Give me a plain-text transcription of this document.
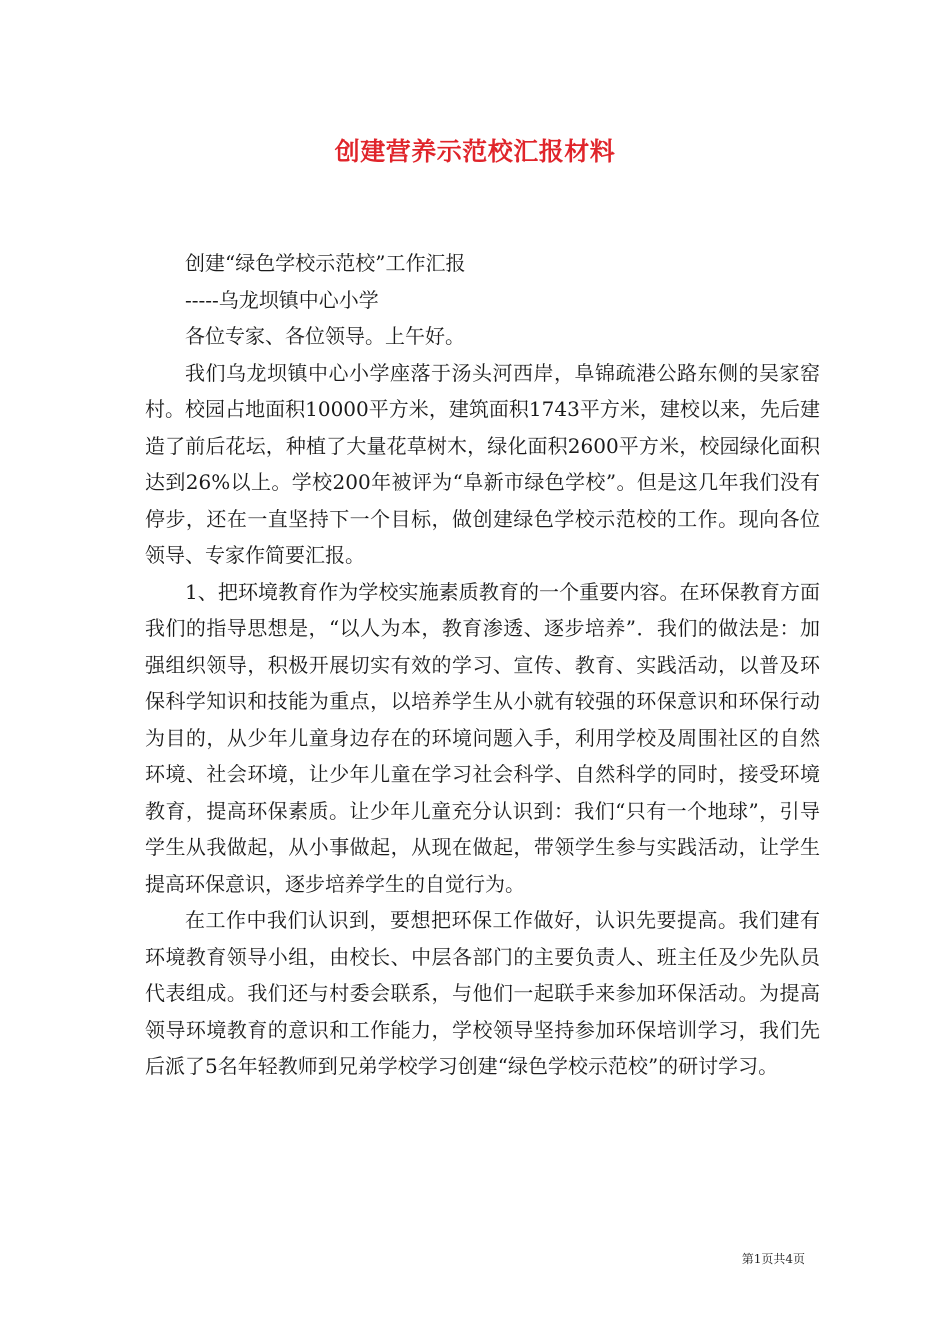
创建营养示范校汇报材料

创建“绿色学校示范校”工作汇报

-----乌龙坝镇中心小学

各位专家、各位领导。上午好。

我们乌龙坝镇中心小学座落于汤头河西岸，阜锦疏港公路东侧的吴家窑村。校园占地面积10000平方米，建筑面积1743平方米，建校以来，先后建造了前后花坛，种植了大量花草树木，绿化面积2600平方米，校园绿化面积达到26%以上。学校200年被评为“阜新市绿色学校”。但是这几年我们没有停步，还在一直坚持下一个目标，做创建绿色学校示范校的工作。现向各位领导、专家作简要汇报。

1、把环境教育作为学校实施素质教育的一个重要内容。在环保教育方面我们的指导思想是，“以人为本，教育渗透、逐步培养”．我们的做法是：加强组织领导，积极开展切实有效的学习、宣传、教育、实践活动，以普及环保科学知识和技能为重点，以培养学生从小就有较强的环保意识和环保行动为目的，从少年儿童身边存在的环境问题入手，利用学校及周围社区的自然环境、社会环境，让少年儿童在学习社会科学、自然科学的同时，接受环境教育，提高环保素质。让少年儿童充分认识到：我们“只有一个地球”，引导学生从我做起，从小事做起，从现在做起，带领学生参与实践活动，让学生提高环保意识，逐步培养学生的自觉行为。

在工作中我们认识到，要想把环保工作做好，认识先要提高。我们建有环境教育领导小组，由校长、中层各部门的主要负责人、班主任及少先队员代表组成。我们还与村委会联系，与他们一起联手来参加环保活动。为提高领导环境教育的意识和工作能力，学校领导坚持参加环保培训学习，我们先后派了5名年轻教师到兄弟学校学习创建“绿色学校示范校”的研讨学习。

第1页共4页
